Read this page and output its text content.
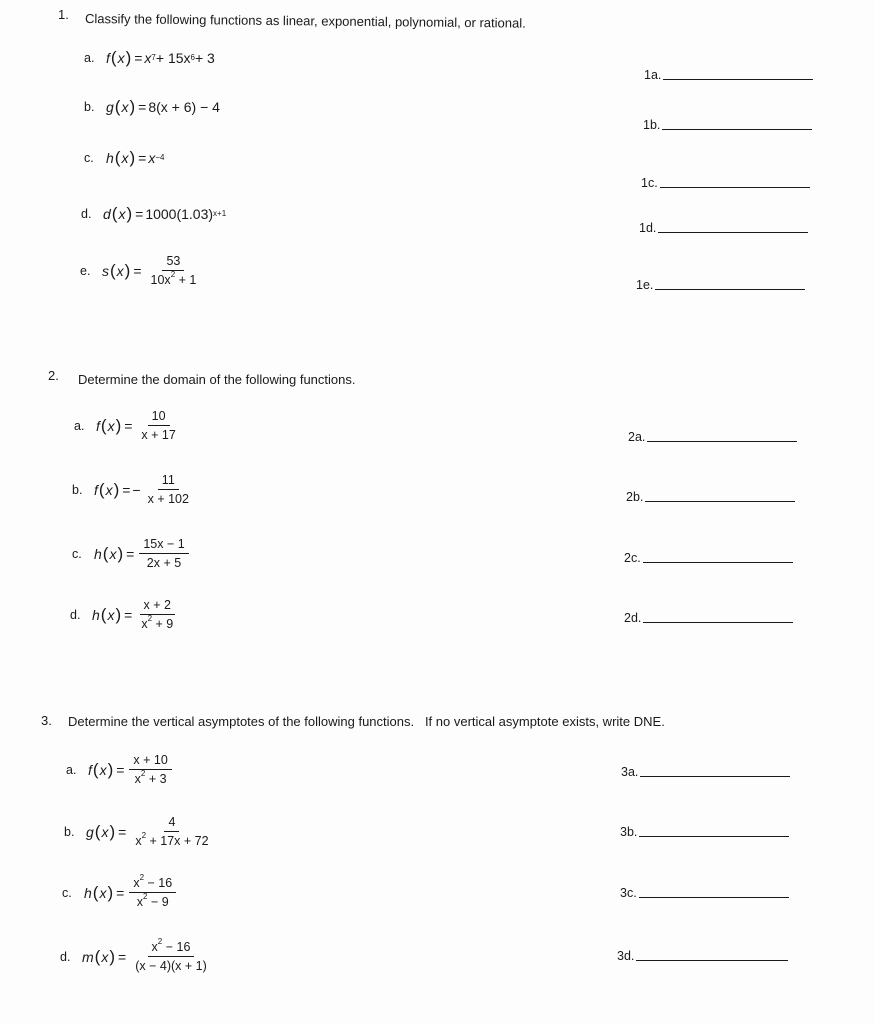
1. Classify the following functions as linear, exponential, polynomial, or rational.
a. f ( x ) = x 7 + 15x 6 + 3
1a.
b. g ( x ) = 8(x + 6) − 4
1b.
c. h ( x ) = x −4
1c.
d. d ( x ) = 1000(1.03) x+1
1d.
e. s ( x ) = $\frac{53}{10x^2 + 1}$	1e.
2. Determine the domain of the following functions.
a. f ( x ) = $\frac{10}{x + 17}$	2a.
b. f ( x ) = − $\frac{11}{x + 102}$	2b.
c. h ( x ) = $\frac{15x - 1}{2x + 5}$	2c.
d. h ( x ) = $\frac{x + 2}{x^2 + 9}$	2d.
3. Determine the vertical asymptotes of the following functions.   If no vertical asymptote exists, write DNE.
a. f ( x ) = $\frac{x + 10}{x^2 + 3}$	3a.
b. g ( x ) = $\frac{4}{x^2 + 17x + 72}$	3b.
c. h ( x ) = $\frac{x^2 - 16}{x^2 - 9}$	3c.
d. m ( x ) = $\frac{x^2 - 16}{(x - 4)(x + 1)}$	3d.
